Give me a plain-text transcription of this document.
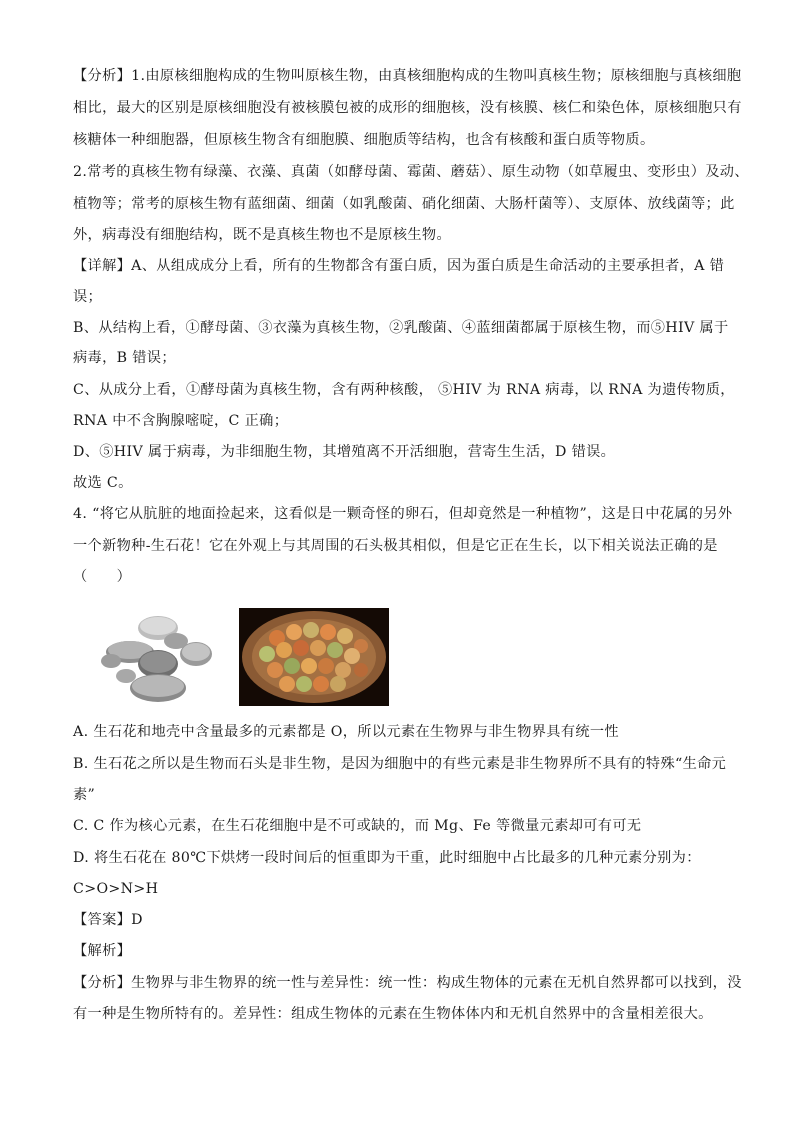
【分析】1.由原核细胞构成的生物叫原核生物，由真核细胞构成的生物叫真核生物；原核细胞与真核细胞
相比，最大的区别是原核细胞没有被核膜包被的成形的细胞核，没有核膜、核仁和染色体，原核细胞只有
核糖体一种细胞器，但原核生物含有细胞膜、细胞质等结构，也含有核酸和蛋白质等物质。
2.常考的真核生物有绿藻、衣藻、真菌（如酵母菌、霉菌、蘑菇）、原生动物（如草履虫、变形虫）及动、
植物等；常考的原核生物有蓝细菌、细菌（如乳酸菌、硝化细菌、大肠杆菌等）、支原体、放线菌等；此
外，病毒没有细胞结构，既不是真核生物也不是原核生物。
【详解】A、从组成成分上看，所有的生物都含有蛋白质，因为蛋白质是生命活动的主要承担者，A 错
误；
B、从结构上看，①酵母菌、③衣藻为真核生物，②乳酸菌、④蓝细菌都属于原核生物，而⑤HIV 属于
病毒，B 错误；
C、从成分上看，①酵母菌为真核生物，含有两种核酸， ⑤HIV 为 RNA 病毒，以 RNA 为遗传物质，
RNA 中不含胸腺嘧啶，C 正确；
D、⑤HIV 属于病毒，为非细胞生物，其增殖离不开活细胞，营寄生生活，D 错误。
故选 C。
4. “将它从肮脏的地面捡起来，这看似是一颗奇怪的卵石，但却竟然是一种植物”，这是日中花属的另外
一个新物种-生石花！它在外观上与其周围的石头极其相似，但是它正在生长，以下相关说法正确的是
（　　）
A. 生石花和地壳中含量最多的元素都是 O，所以元素在生物界与非生物界具有统一性
B. 生石花之所以是生物而石头是非生物，是因为细胞中的有些元素是非生物界所不具有的特殊“生命元
素”
C. C 作为核心元素，在生石花细胞中是不可或缺的，而 Mg、Fe 等微量元素却可有可无
D. 将生石花在 80℃下烘烤一段时间后的恒重即为干重，此时细胞中占比最多的几种元素分别为：
C>O>N>H
【答案】D
【解析】
【分析】生物界与非生物界的统一性与差异性：统一性：构成生物体的元素在无机自然界都可以找到，没
有一种是生物所特有的。差异性：组成生物体的元素在生物体体内和无机自然界中的含量相差很大。
